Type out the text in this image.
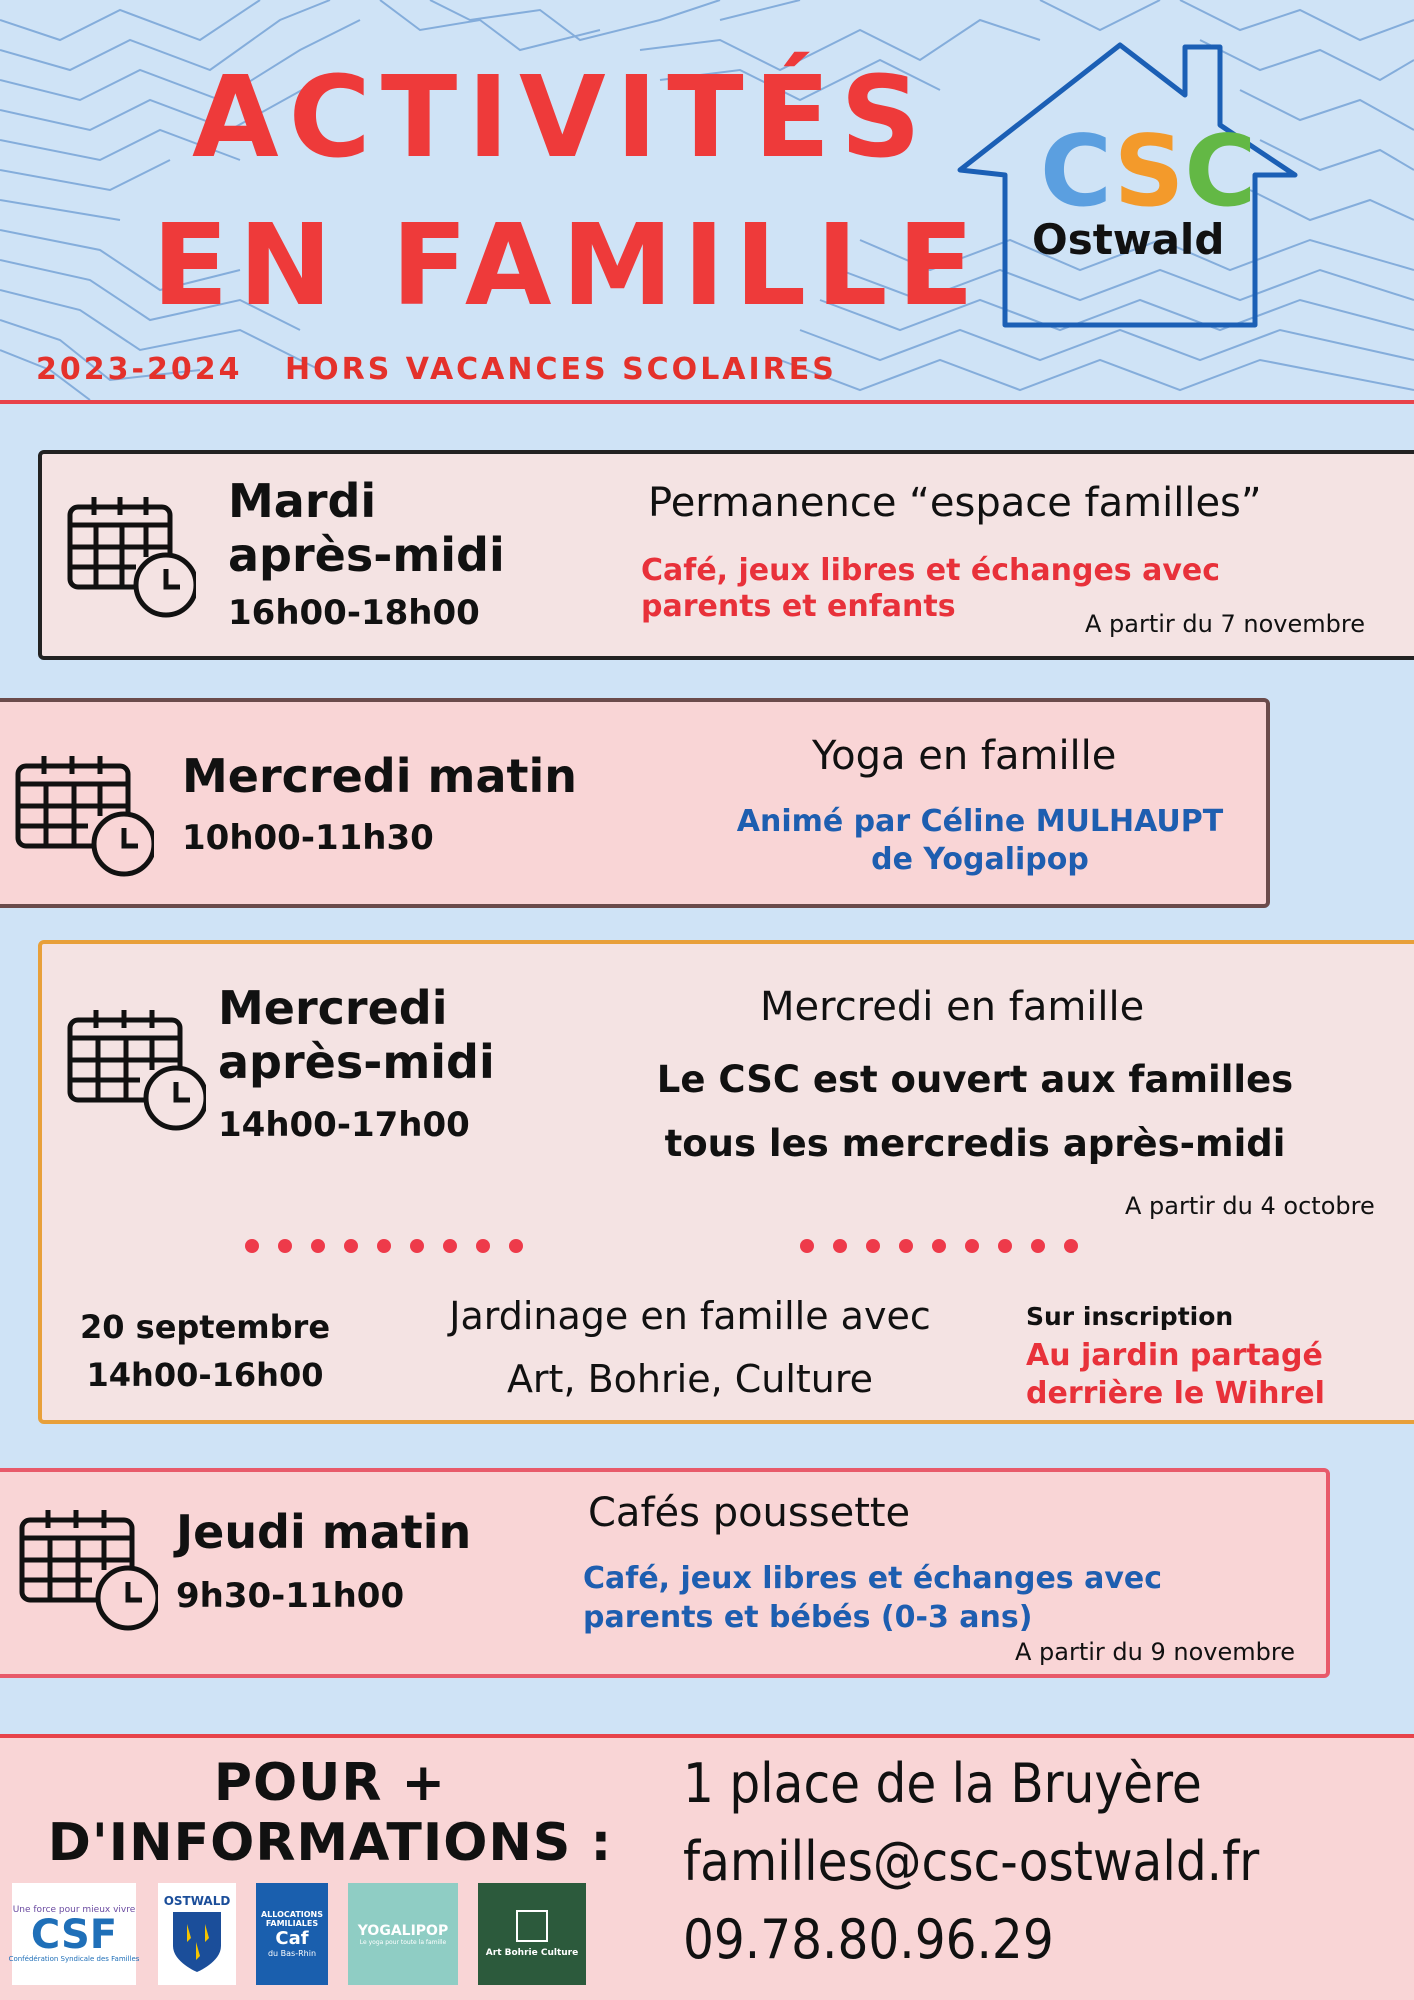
ACTIVITÉS
EN FAMILLE
2023-2024 HORS VACANCES SCOLAIRES
CSC
Ostwald
Mardi
après-midi
16h00-18h00
Permanence “espace familles”
Café, jeux libres et échanges avec
parents et enfants	A partir du 7 novembre
Mercredi matin
10h00-11h30
Yoga en famille
Animé par Céline MULHAUPT
de Yogalipop
Mercredi
après-midi
14h00-17h00
Mercredi en famille
Le CSC est ouvert aux familles
tous les mercredis après-midi
A partir du 4 octobre
20 septembre
14h00-16h00
Jardinage en famille avec
Art, Bohrie, Culture
Sur inscription
Au jardin partagé
derrière le Wihrel
Jeudi matin
9h30-11h00
Cafés poussette
Café, jeux libres et échanges avec
parents et bébés (0-3 ans)
A partir du 9 novembre
POUR +
D'INFORMATIONS :
1 place de la Bruyère
familles@csc-ostwald.fr
09.78.80.96.29
Une force pour mieux vivre
CSF
Confédération Syndicale des Familles
OSTWALD
ALLOCATIONS
FAMILIALES
Caf
du Bas-Rhin
YOGALIPOP
Le yoga pour toute la famille
Art Bohrie Culture
